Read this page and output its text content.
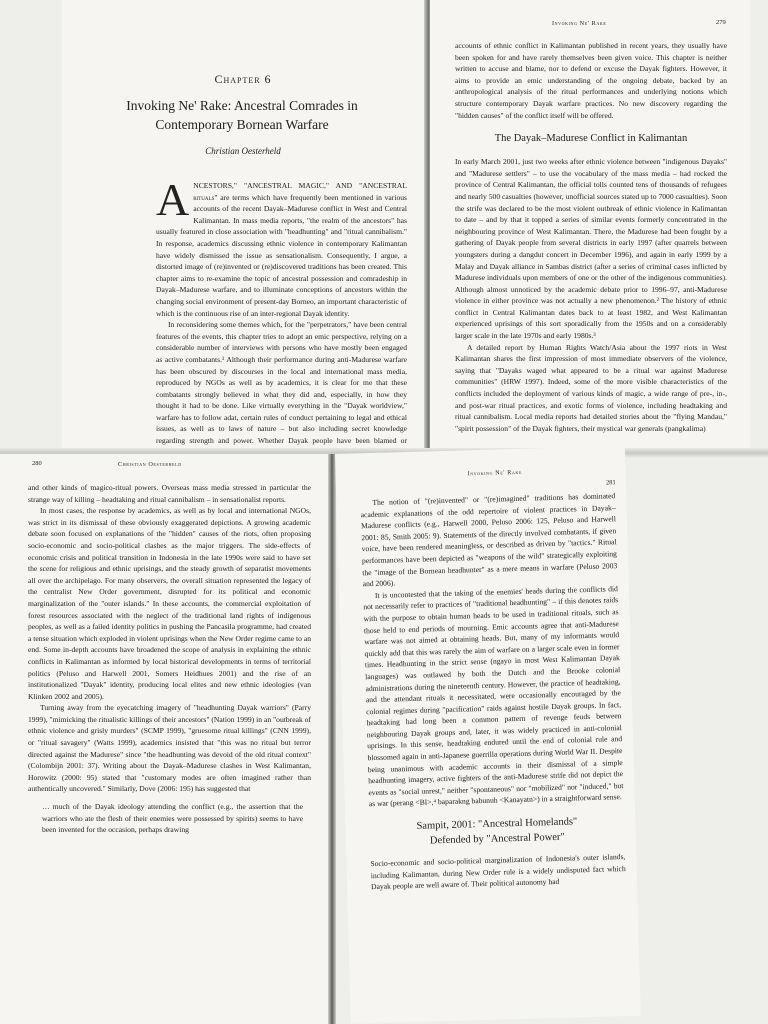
Chapter 6

Invoking Ne' Rake: Ancestral Comrades in Contemporary Bornean Warfare

Christian Oesterheld

ANCESTORS," "ANCESTRAL MAGIC," AND "ANCESTRAL rituals" are terms which have frequently been mentioned in various accounts of the recent Dayak–Madurese conflict in West and Central Kalimantan. In mass media reports, "the realm of the ancestors" has usually featured in close association with "headhunting" and "ritual cannibalism." In response, academics discussing ethnic violence in contemporary Kalimantan have widely dismissed the issue as sensationalism. Consequently, I argue, a distorted image of (re)invented or (re)discovered traditions has been created. This chapter aims to re-examine the topic of ancestral possession and comradeship in Dayak–Madurese warfare, and to illuminate conceptions of ancestors within the changing social environment of present-day Borneo, an important characteristic of which is the continuous rise of an inter-regional Dayak identity.

In reconsidering some themes which, for the "perpetrators," have been central features of the events, this chapter tries to adopt an emic perspective, relying on a considerable number of interviews with persons who have mostly been engaged as active combatants.¹ Although their performance during anti-Madurese warfare has been obscured by discourses in the local and international mass media, reproduced by NGOs as well as by academics, it is clear for me that these combatants strongly believed in what they did and, especially, in how they thought it had to be done. Like virtually everything in the "Dayak worldview," warfare has to follow adat, certain rules of conduct pertaining to legal and ethical issues, as well as to laws of nature – but also including secret knowledge regarding strength and power. Whether Dayak people have been blamed or

Invoking Ne' Rake	279

accounts of ethnic conflict in Kalimantan published in recent years, they usually have been spoken for and have rarely themselves been given voice. This chapter is neither written to accuse and blame, nor to defend or excuse the Dayak fighters. However, it aims to provide an emic understanding of the ongoing debate, backed by an anthropological analysis of the ritual performances and underlying notions which structure contemporary Dayak warfare practices. No new discovery regarding the "hidden causes" of the conflict itself will be offered.

The Dayak–Madurese Conflict in Kalimantan

In early March 2001, just two weeks after ethnic violence between "indigenous Dayaks" and "Madurese settlers" – to use the vocabulary of the mass media – had rocked the province of Central Kalimantan, the official tolls counted tens of thousands of refugees and nearly 500 casualties (however, unofficial sources stated up to 7000 casualties). Soon the strife was declared to be the most violent outbreak of ethnic violence in Kalimantan to date – and by that it topped a series of similar events formerly concentrated in the neighbouring province of West Kalimantan. There, the Madurese had been fought by a gathering of Dayak people from several districts in early 1997 (after quarrels between youngsters during a dangdut concert in December 1996), and again in early 1999 by a Malay and Dayak alliance in Sambas district (after a series of criminal cases inflicted by Madurese individuals upon members of one or the other of the indigenous communities). Although almost unnoticed by the academic debate prior to 1996–97, anti-Madurese violence in either province was not actually a new phenomenon.² The history of ethnic conflict in Central Kalimantan dates back to at least 1982, and West Kalimantan experienced uprisings of this sort sporadically from the 1950s and on a considerably larger scale in the late 1970s and early 1980s.³

A detailed report by Human Rights Watch/Asia about the 1997 riots in West Kalimantan shares the first impression of most immediate observers of the violence, saying that "Dayaks waged what appeared to be a ritual war against Madurese communities" (HRW 1997). Indeed, some of the more visible characteristics of the conflicts included the deployment of various kinds of magic, a wide range of pre-, in-, and post-war ritual practices, and exotic forms of violence, including headtaking and ritual cannibalism. Local media reports had detailed stories about the "flying Mandau," "spirit possession" of the Dayak fighters, their mystical war generals (pangkalima)

280	Christian Oesterheld

and other kinds of magico-ritual powers. Overseas mass media stressed in particular the strange way of killing – headtaking and ritual cannibalism – in sensationalist reports.

In most cases, the response by academics, as well as by local and international NGOs, was strict in its dismissal of these obviously exaggerated depictions. A growing academic debate soon focused on explanations of the "hidden" causes of the riots, often proposing socio-economic and socio-political clashes as the major triggers. The side-effects of economic crisis and political transition in Indonesia in the late 1990s were said to have set the scene for religious and ethnic uprisings, and the steady growth of separatist movements all over the archipelago. For many observers, the overall situation represented the legacy of the centralist New Order government, disrupted for its political and economic marginalization of the "outer islands." In these accounts, the commercial exploitation of forest resources associated with the neglect of the traditional land rights of indigenous peoples, as well as a failed identity politics in pushing the Pancasila programme, had created a tense situation which exploded in violent uprisings when the New Order regime came to an end. Some in-depth accounts have broadened the scope of analysis in explaining the ethnic conflicts in Kalimantan as informed by local historical developments in terms of territorial politics (Peluso and Harwell 2001, Somers Heidhues 2001) and the rise of an institutionalized "Dayak" identity, producing local elites and new ethnic ideologies (van Klinken 2002 and 2005).

Turning away from the eyecatching imagery of "headhunting Dayak warriors" (Parry 1999), "mimicking the ritualistic killings of their ancestors" (Nation 1999) in an "outbreak of ethnic violence and grisly murders" (SCMP 1999), "gruesome ritual killings" (CNN 1999), or "ritual savagery" (Watts 1999), academics insisted that "this was no ritual but terror directed against the Madurese" since "the headhunting was devoid of the old ritual context" (Colombijn 2001: 37). Writing about the Dayak–Madurese clashes in West Kalimantan, Horowitz (2000: 95) stated that "customary modes are often imagined rather than authentically uncovered." Similarly, Dove (2006: 195) has suggested that

… much of the Dayak ideology attending the conflict (e.g., the assertion that the warriors who ate the flesh of their enemies were possessed by spirits) seems to have been invented for the occasion, perhaps drawing

Invoking Ne' Rake
281

The notion of "(re)invented" or "(re)imagined" traditions has dominated academic explanations of the odd repertoire of violent practices in Dayak–Madurese conflicts (e.g., Harwell 2000, Peluso 2006: 125, Peluso and Harwell 2001: 85, Smith 2005: 9). Statements of the directly involved combatants, if given voice, have been rendered meaningless, or described as driven by "tactics." Ritual performances have been depicted as "weapons of the wild" strategically exploiting the "image of the Bornean headhunter" as a mere means in warfare (Peluso 2003 and 2006).

It is uncontested that the taking of the enemies' heads during the conflicts did not necessarily refer to practices of "traditional headhunting" – if this denotes raids with the purpose to obtain human heads to be used in traditional rituals, such as those held to end periods of mourning. Emic accounts agree that anti-Madurese warfare was not aimed at obtaining heads. But, many of my informants would quickly add that this was rarely the aim of warfare on a larger scale even in former times. Headhunting in the strict sense (ngayo in most West Kalimantan Dayak languages) was outlawed by both the Dutch and the Brooke colonial administrations during the nineteenth century. However, the practice of headtaking, and the attendant rituals it necessitated, were occasionally encouraged by the colonial regimes during "pacification" raids against hostile Dayak groups. In fact, headtaking had long been a common pattern of revenge feuds between neighbouring Dayak groups and, later, it was widely practiced in anti-colonial uprisings. In this sense, headtaking endured until the end of colonial rule and blossomed again in anti-Japanese guerrilla operations during World War II. Despite being unanimous with academic accounts in their dismissal of a simple headhunting imagery, active fighters of the anti-Madurese strife did not depict the events as "social unrest," neither "spontaneous" nor "mobilized" nor "induced," but as war (perang <BI>,⁴ baparakng babunuh <Kanayatn>) in a straightforward sense.

Sampit, 2001: "Ancestral Homelands"

Defended by "Ancestral Power"

Socio-economic and socio-political marginalization of Indonesia's outer islands, including Kalimantan, during New Order rule is a widely undisputed fact which Dayak people are well aware of. Their political autonomy had
